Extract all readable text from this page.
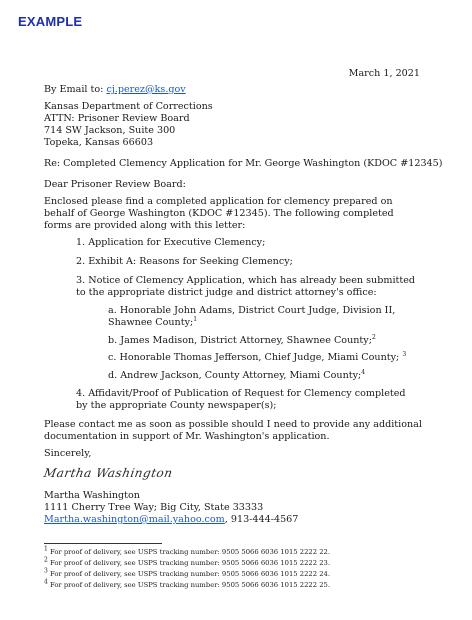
EXAMPLE
March 1, 2021
By Email to: cj.perez@ks.gov
Kansas Department of Corrections
ATTN: Prisoner Review Board
714 SW Jackson, Suite 300
Topeka, Kansas 66603
Re: Completed Clemency Application for Mr. George Washington (KDOC #12345)
Dear Prisoner Review Board:
Enclosed please find a completed application for clemency prepared on behalf of George Washington (KDOC #12345). The following completed forms are provided along with this letter:
1. Application for Executive Clemency;
2. Exhibit A: Reasons for Seeking Clemency;
3. Notice of Clemency Application, which has already been submitted to the appropriate district judge and district attorney's office:
a. Honorable John Adams, District Court Judge, Division II, Shawnee County;$^1$
b. James Madison, District Attorney, Shawnee County;$^2$
c. Honorable Thomas Jefferson, Chief Judge, Miami County; $^3$
d. Andrew Jackson, County Attorney, Miami County;$^4$
4. Affidavit/Proof of Publication of Request for Clemency completed by the appropriate County newspaper(s);
Please contact me as soon as possible should I need to provide any additional documentation in support of Mr. Washington's application.
Sincerely,
Martha Washington
Martha Washington
1111 Cherry Tree Way; Big City, State 33333
Martha.washington@mail.yahoo.com, 913-444-4567
$^1$ For proof of delivery, see USPS tracking number: 9505 5066 6036 1015 2222 22.
$^2$ For proof of delivery, see USPS tracking number: 9505 5066 6036 1015 2222 23.
$^3$ For proof of delivery, see USPS tracking number: 9505 5066 6036 1015 2222 24.
$^4$ For proof of delivery, see USPS tracking number: 9505 5066 6036 1015 2222 25.
